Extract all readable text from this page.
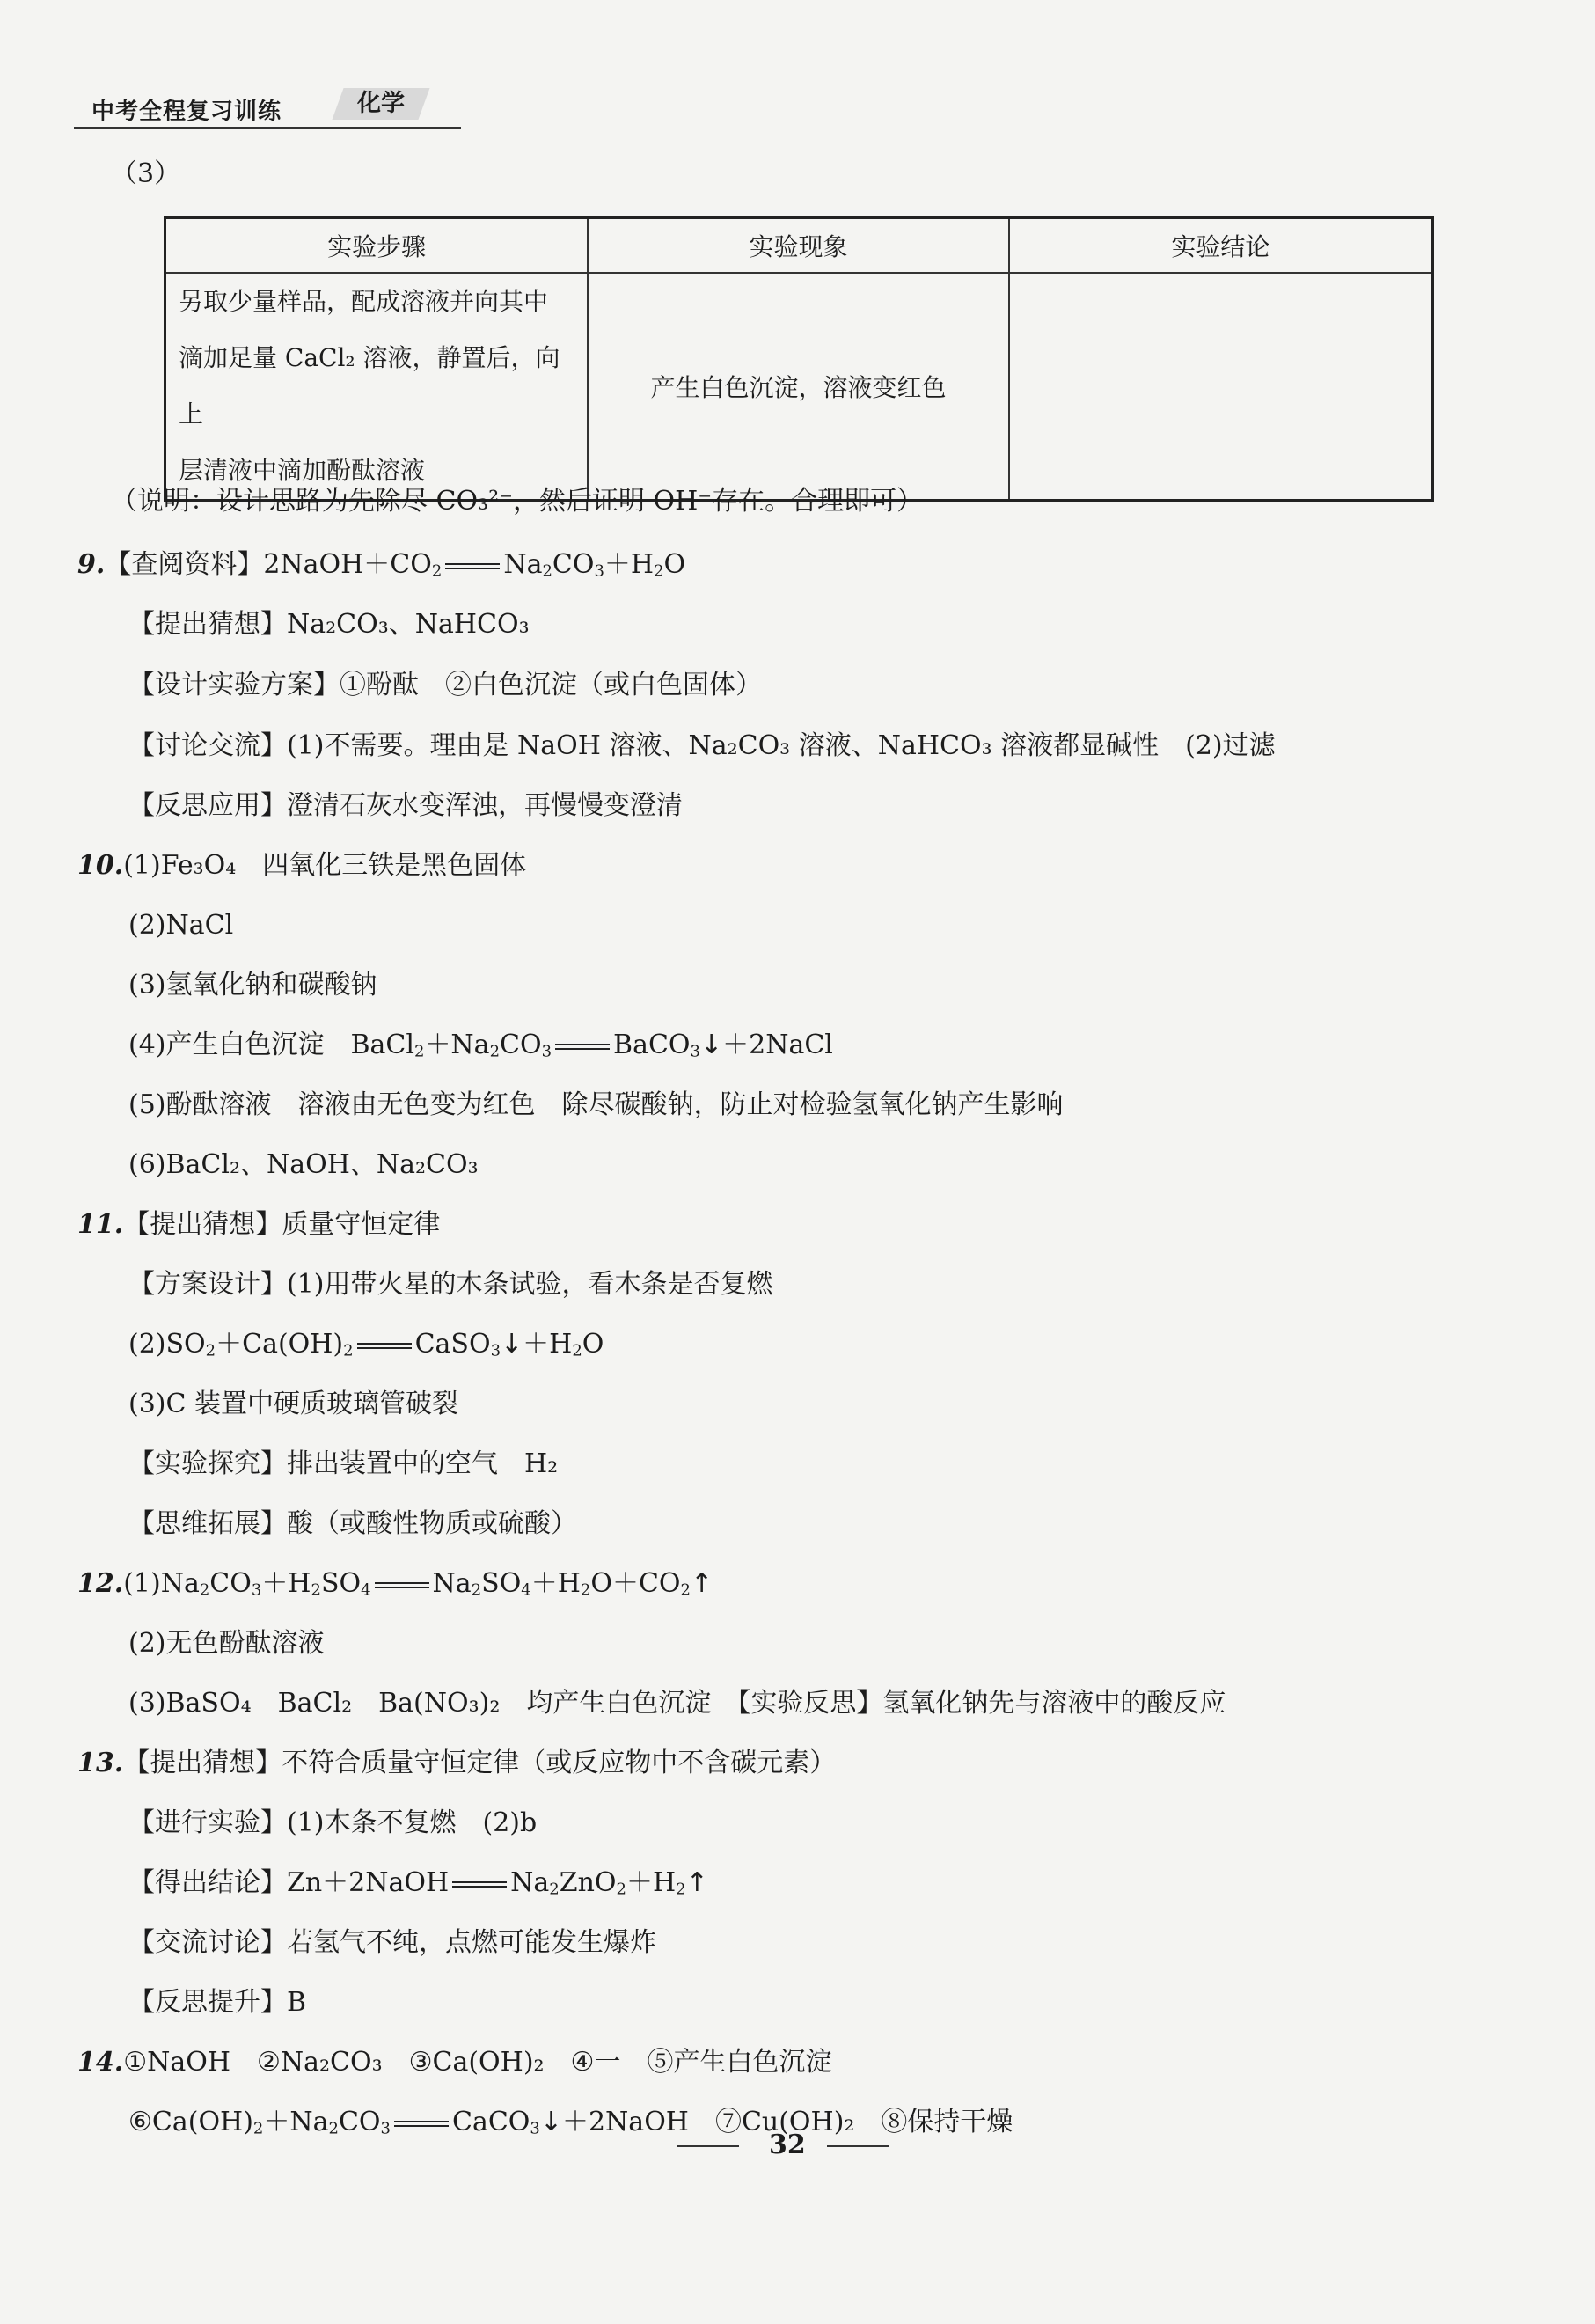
中考全程复习训练	化学
（3）
实验步骤	实验现象	实验结论

另取少量样品，配成溶液并向其中
滴加足量 CaCl₂ 溶液，静置后，向上
层清液中滴加酚酞溶液	产生白色沉淀，溶液变红色	
（说明：设计思路为先除尽 CO₃²⁻，然后证明 OH⁻存在。合理即可）
9.【查阅资料】$2NaOH+CO_2$ $Na_2CO_3+H_2O$
【提出猜想】Na₂CO₃、NaHCO₃
【设计实验方案】①酚酞　②白色沉淀（或白色固体）
【讨论交流】(1)不需要。理由是 NaOH 溶液、Na₂CO₃ 溶液、NaHCO₃ 溶液都显碱性　(2)过滤
【反思应用】澄清石灰水变浑浊，再慢慢变澄清
10.(1)Fe₃O₄　四氧化三铁是黑色固体
(2)NaCl
(3)氢氧化钠和碳酸钠
(4)产生白色沉淀　$BaCl_2+Na_2CO_3$ BaCO$_3$↓＋2NaCl
(5)酚酞溶液　溶液由无色变为红色　除尽碳酸钠，防止对检验氢氧化钠产生影响
(6)BaCl₂、NaOH、Na₂CO₃
11.【提出猜想】质量守恒定律
【方案设计】(1)用带火星的木条试验，看木条是否复燃
$(2)SO_2+Ca(OH)_2$ $CaSO_3↓+H_2O$
(3)C 装置中硬质玻璃管破裂
【实验探究】排出装置中的空气　H₂
【思维拓展】酸（或酸性物质或硫酸）
$12.(1)Na_2CO_3+H_2SO_4$ $Na_2SO_4+H_2O+CO_2↑$
(2)无色酚酞溶液
(3)BaSO₄　BaCl₂　Ba(NO₃)₂　均产生白色沉淀　【实验反思】氢氧化钠先与溶液中的酸反应
13.【提出猜想】不符合质量守恒定律（或反应物中不含碳元素）
【进行实验】(1)木条不复燃　(2)b
【得出结论】Zn＋2NaOH $Na_2ZnO_2+H_2↑$
【交流讨论】若氢气不纯，点燃可能发生爆炸
【反思提升】B
14.①NaOH　②Na₂CO₃　③Ca(OH)₂　④一　⑤产生白色沉淀
$⑥Ca(OH)_2+Na_2CO_3$ CaCO$_3$↓＋2NaOH　⑦Cu(OH)₂　⑧保持干燥
32
